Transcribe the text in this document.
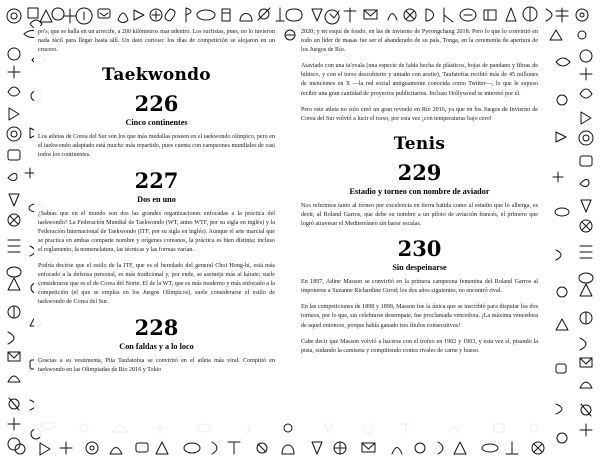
po's, que se halla en un arrecife, a 200 kilómetros mar adentro. Los surfistas, pues, no lo tuvieron nada fácil para llegar hasta allí. Un dato curioso: los días de competición se alojaron en un crucero.

Taekwondo
226
Cinco continentes

Los atletas de Corea del Sur son los que más medallas poseen en el taekwondo olímpico, pero en el taekwondo adaptado está mucho más repartido, pues cuenta con campeones mundiales de casi todos los continentes.

227
Dos en uno

¿Sabías que en el mundo son dos las grandes organizaciones enfocadas a la práctica del taekwondo? La Federación Mundial de Taekwondo (WT, antes WTF, por su sigla en inglés) y la Federación Internacional de Taekwondo (ITF, por su sigla en inglés). Aunque el arte marcial que se practica en ambas comparte nombre y orígenes coreanos, la práctica es bien distinta; incluso el reglamento, la nomenclatura, las técnicas y las formas varían.

Podría decirse que el estilo de la ITF, que es el heredado del general Choi Hong-hi, está más enfocado a la defensa personal, es más tradicional y, por ende, se asemeja más al kárate; suele considerarse que es el de Corea del Norte. El de la WT, que es más moderno y más enfocado a la competición (el que se emplea en los Juegos Olímpicos), suele considerarse el estilo de taekwondo de Corea del Sur.

228
Con faldas y a lo loco

Gracias a su vestimenta, Pita Taufatofua se convirtió en el atleta más viral. Compitió en taekwondo en las Olimpiadas de Río 2016 y Tokio

2020; y en esquí de fondo, en las de invierno de Pyeongchang 2018. Pero lo que lo convirtió en todo un líder de masas fue ser el abanderado de su país, Tonga, en la ceremonia de apertura de los Juegos de Río.

Ataviado con una ta'ovala (una especie de falda hecha de plásticos, hojas de pandano y fibras de hibisco, y con el torso descubierto y untado con aceite), Taufatofua recibió más de 45 millones de menciones en X —la red social antiguamente conocida como Twitter—, lo que le supuso recibir una gran cantidad de proyectos publicitarios. Incluso Hollywood se interesó por él.

Pero este atleta no solo creó un gran revuelo en Río 2016, ya que en los Juegos de Invierno de Corea del Sur volvió a lucir el torso, por esta vez ¡con temperaturas bajo cero!

Tenis
229
Estadio y torneo con nombre de aviador

Nos referimos tanto al torneo por excelencia en tierra batida como al estadio que lo alberga, es decir, al Roland Garros, que debe su nombre a un piloto de aviación francés, el primero que logró atravesar el Mediterráneo sin hacer escalas.

230
Sin despeinarse

En 1897, Adine Masson se convirtió en la primera campeona femenina del Roland Garros al imponerse a Suzanne Richardine Girod; los dos años siguientes, no encontró rival.

En las competiciones de 1898 y 1899, Masson fue la única que se inscribió para disputar los dos torneos, por lo que, sin celebrarse desempate, fue proclamada vencedora. ¡La máxima vencedora de aquel entonces, porque había ganado tres títulos consecutivos!

Cabe decir que Masson volvió a hacerse con el trofeo en 1902 y 1903, y esta vez sí, pisando la pista, sudando la camiseta y compitiendo contra rivales de carne y hueso.
